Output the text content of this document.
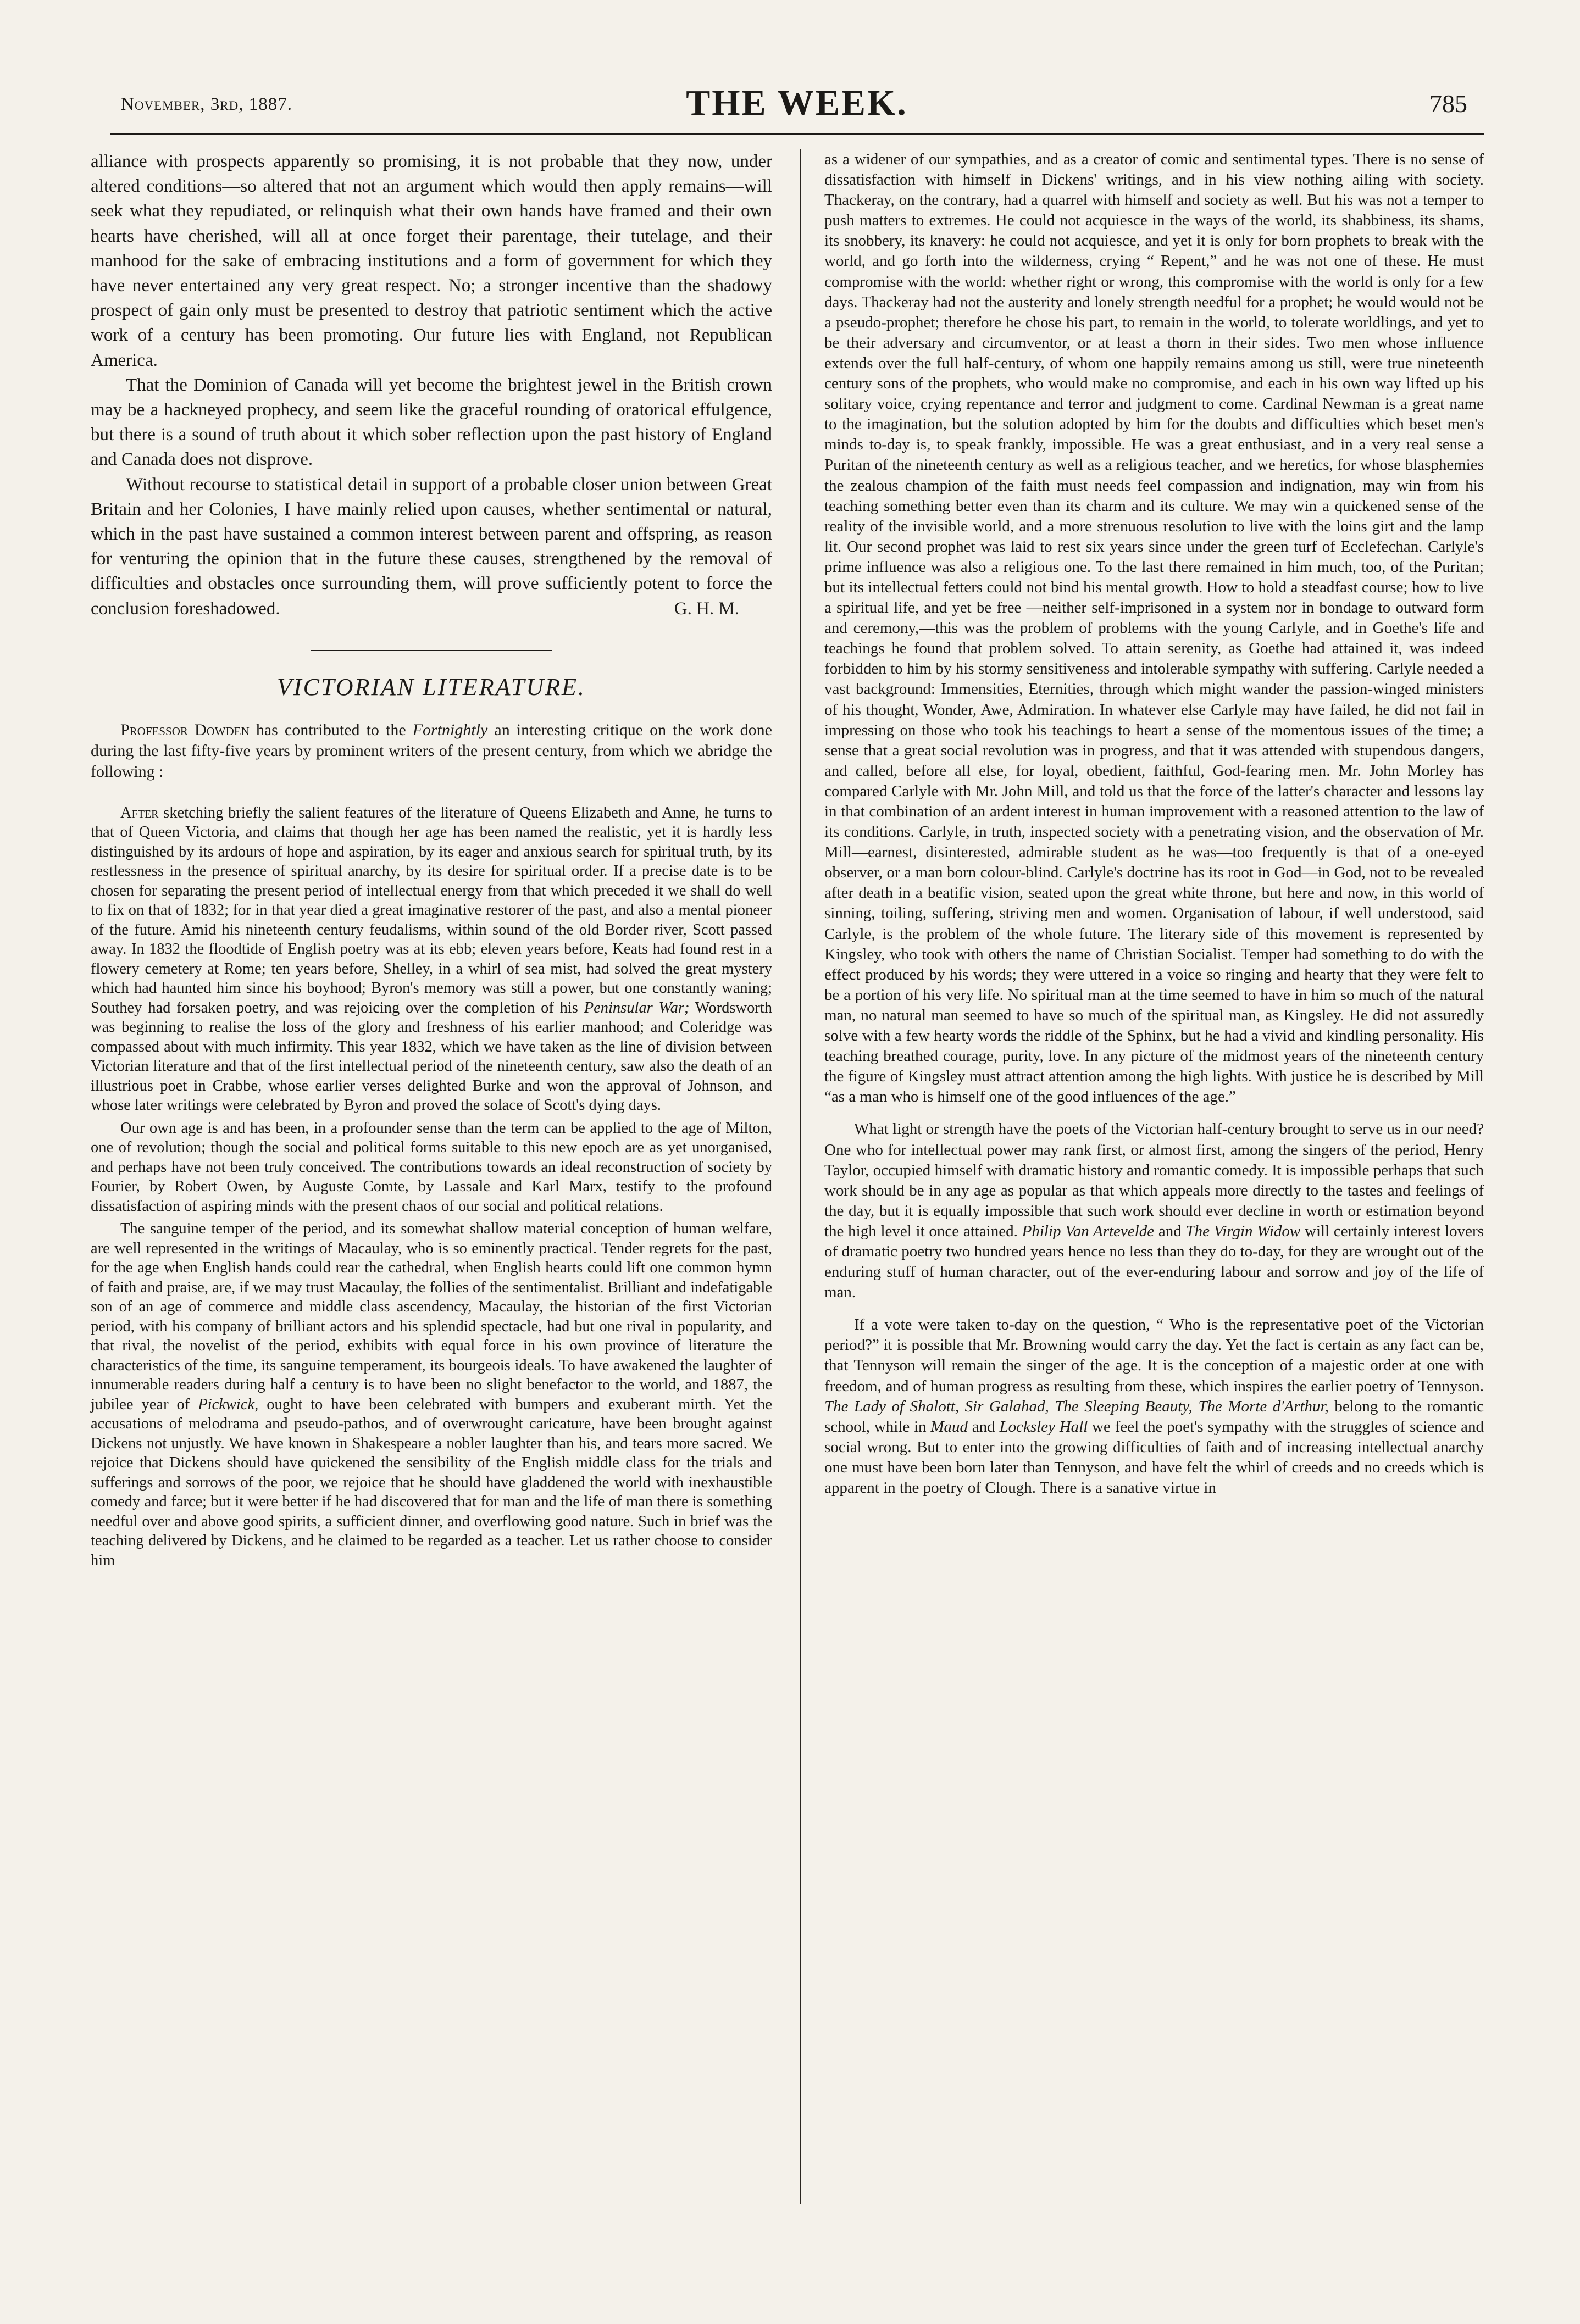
November, 3rd, 1887.	THE WEEK.	785

alliance with prospects apparently so promising, it is not probable that they now, under altered conditions—so altered that not an argument which would then apply remains—will seek what they repudiated, or relinquish what their own hands have framed and their own hearts have cherished, will all at once forget their parentage, their tutelage, and their manhood for the sake of embracing institutions and a form of government for which they have never entertained any very great respect. No; a stronger incentive than the shadowy prospect of gain only must be presented to destroy that patriotic sentiment which the active work of a century has been promoting. Our future lies with England, not Republican America.

That the Dominion of Canada will yet become the brightest jewel in the British crown may be a hackneyed prophecy, and seem like the graceful rounding of oratorical effulgence, but there is a sound of truth about it which sober reflection upon the past history of England and Canada does not disprove.

Without recourse to statistical detail in support of a probable closer union between Great Britain and her Colonies, I have mainly relied upon causes, whether sentimental or natural, which in the past have sustained a common interest between parent and offspring, as reason for venturing the opinion that in the future these causes, strengthened by the removal of difficulties and obstacles once surrounding them, will prove sufficiently potent to force the conclusion foreshadowed.	G. H. M.

VICTORIAN LITERATURE.

Professor Dowden has contributed to the Fortnightly an interesting critique on the work done during the last fifty-five years by prominent writers of the present century, from which we abridge the following :

After sketching briefly the salient features of the literature of Queens Elizabeth and Anne, he turns to that of Queen Victoria, and claims that though her age has been named the realistic, yet it is hardly less distinguished by its ardours of hope and aspiration, by its eager and anxious search for spiritual truth, by its restlessness in the presence of spiritual anarchy, by its desire for spiritual order. If a precise date is to be chosen for separating the present period of intellectual energy from that which preceded it we shall do well to fix on that of 1832; for in that year died a great imaginative restorer of the past, and also a mental pioneer of the future. Amid his nineteenth century feudalisms, within sound of the old Border river, Scott passed away. In 1832 the floodtide of English poetry was at its ebb; eleven years before, Keats had found rest in a flowery cemetery at Rome; ten years before, Shelley, in a whirl of sea mist, had solved the great mystery which had haunted him since his boyhood; Byron's memory was still a power, but one constantly waning; Southey had forsaken poetry, and was rejoicing over the completion of his Peninsular War; Wordsworth was beginning to realise the loss of the glory and freshness of his earlier manhood; and Coleridge was compassed about with much infirmity. This year 1832, which we have taken as the line of division between Victorian literature and that of the first intellectual period of the nineteenth century, saw also the death of an illustrious poet in Crabbe, whose earlier verses delighted Burke and won the approval of Johnson, and whose later writings were celebrated by Byron and proved the solace of Scott's dying days.

Our own age is and has been, in a profounder sense than the term can be applied to the age of Milton, one of revolution; though the social and political forms suitable to this new epoch are as yet unorganised, and perhaps have not been truly conceived. The contributions towards an ideal reconstruction of society by Fourier, by Robert Owen, by Auguste Comte, by Lassale and Karl Marx, testify to the profound dissatisfaction of aspiring minds with the present chaos of our social and political relations.

The sanguine temper of the period, and its somewhat shallow material conception of human welfare, are well represented in the writings of Macaulay, who is so eminently practical. Tender regrets for the past, for the age when English hands could rear the cathedral, when English hearts could lift one common hymn of faith and praise, are, if we may trust Macaulay, the follies of the sentimentalist. Brilliant and indefatigable son of an age of commerce and middle class ascendency, Macaulay, the historian of the first Victorian period, with his company of brilliant actors and his splendid spectacle, had but one rival in popularity, and that rival, the novelist of the period, exhibits with equal force in his own province of literature the characteristics of the time, its sanguine temperament, its bourgeois ideals. To have awakened the laughter of innumerable readers during half a century is to have been no slight benefactor to the world, and 1887, the jubilee year of Pickwick, ought to have been celebrated with bumpers and exuberant mirth. Yet the accusations of melodrama and pseudo-pathos, and of overwrought caricature, have been brought against Dickens not unjustly. We have known in Shakespeare a nobler laughter than his, and tears more sacred. We rejoice that Dickens should have quickened the sensibility of the English middle class for the trials and sufferings and sorrows of the poor, we rejoice that he should have gladdened the world with inexhaustible comedy and farce; but it were better if he had discovered that for man and the life of man there is something needful over and above good spirits, a sufficient dinner, and overflowing good nature. Such in brief was the teaching delivered by Dickens, and he claimed to be regarded as a teacher. Let us rather choose to consider him

as a widener of our sympathies, and as a creator of comic and sentimental types. There is no sense of dissatisfaction with himself in Dickens' writings, and in his view nothing ailing with society. Thackeray, on the contrary, had a quarrel with himself and society as well. But his was not a temper to push matters to extremes. He could not acquiesce in the ways of the world, its shabbiness, its shams, its snobbery, its knavery: he could not acquiesce, and yet it is only for born prophets to break with the world, and go forth into the wilderness, crying “ Repent,” and he was not one of these. He must compromise with the world: whether right or wrong, this compromise with the world is only for a few days. Thackeray had not the austerity and lonely strength needful for a prophet; he would would not be a pseudo-prophet; therefore he chose his part, to remain in the world, to tolerate worldlings, and yet to be their adversary and circumventor, or at least a thorn in their sides. Two men whose influence extends over the full half-century, of whom one happily remains among us still, were true nineteenth century sons of the prophets, who would make no compromise, and each in his own way lifted up his solitary voice, crying repentance and terror and judgment to come. Cardinal Newman is a great name to the imagination, but the solution adopted by him for the doubts and difficulties which beset men's minds to-day is, to speak frankly, impossible. He was a great enthusiast, and in a very real sense a Puritan of the nineteenth century as well as a religious teacher, and we heretics, for whose blasphemies the zealous champion of the faith must needs feel compassion and indignation, may win from his teaching something better even than its charm and its culture. We may win a quickened sense of the reality of the invisible world, and a more strenuous resolution to live with the loins girt and the lamp lit. Our second prophet was laid to rest six years since under the green turf of Ecclefechan. Carlyle's prime influence was also a religious one. To the last there remained in him much, too, of the Puritan; but its intellectual fetters could not bind his mental growth. How to hold a steadfast course; how to live a spiritual life, and yet be free —neither self-imprisoned in a system nor in bondage to outward form and ceremony,—this was the problem of problems with the young Carlyle, and in Goethe's life and teachings he found that problem solved. To attain serenity, as Goethe had attained it, was indeed forbidden to him by his stormy sensitiveness and intolerable sympathy with suffering. Carlyle needed a vast background: Immensities, Eternities, through which might wander the passion-winged ministers of his thought, Wonder, Awe, Admiration. In whatever else Carlyle may have failed, he did not fail in impressing on those who took his teachings to heart a sense of the momentous issues of the time; a sense that a great social revolution was in progress, and that it was attended with stupendous dangers, and called, before all else, for loyal, obedient, faithful, God-fearing men. Mr. John Morley has compared Carlyle with Mr. John Mill, and told us that the force of the latter's character and lessons lay in that combination of an ardent interest in human improvement with a reasoned attention to the law of its conditions. Carlyle, in truth, inspected society with a penetrating vision, and the observation of Mr. Mill—earnest, disinterested, admirable student as he was—too frequently is that of a one-eyed observer, or a man born colour-blind. Carlyle's doctrine has its root in God—in God, not to be revealed after death in a beatific vision, seated upon the great white throne, but here and now, in this world of sinning, toiling, suffering, striving men and women. Organisation of labour, if well understood, said Carlyle, is the problem of the whole future. The literary side of this movement is represented by Kingsley, who took with others the name of Christian Socialist. Temper had something to do with the effect produced by his words; they were uttered in a voice so ringing and hearty that they were felt to be a portion of his very life. No spiritual man at the time seemed to have in him so much of the natural man, no natural man seemed to have so much of the spiritual man, as Kingsley. He did not assuredly solve with a few hearty words the riddle of the Sphinx, but he had a vivid and kindling personality. His teaching breathed courage, purity, love. In any picture of the midmost years of the nineteenth century the figure of Kingsley must attract attention among the high lights. With justice he is described by Mill “as a man who is himself one of the good influences of the age.”

What light or strength have the poets of the Victorian half-century brought to serve us in our need? One who for intellectual power may rank first, or almost first, among the singers of the period, Henry Taylor, occupied himself with dramatic history and romantic comedy. It is impossible perhaps that such work should be in any age as popular as that which appeals more directly to the tastes and feelings of the day, but it is equally impossible that such work should ever decline in worth or estimation beyond the high level it once attained. Philip Van Artevelde and The Virgin Widow will certainly interest lovers of dramatic poetry two hundred years hence no less than they do to-day, for they are wrought out of the enduring stuff of human character, out of the ever-enduring labour and sorrow and joy of the life of man.

If a vote were taken to-day on the question, “ Who is the representative poet of the Victorian period?” it is possible that Mr. Browning would carry the day. Yet the fact is certain as any fact can be, that Tennyson will remain the singer of the age. It is the conception of a majestic order at one with freedom, and of human progress as resulting from these, which inspires the earlier poetry of Tennyson. The Lady of Shalott, Sir Galahad, The Sleeping Beauty, The Morte d'Arthur, belong to the romantic school, while in Maud and Locksley Hall we feel the poet's sympathy with the struggles of science and social wrong. But to enter into the growing difficulties of faith and of increasing intellectual anarchy one must have been born later than Tennyson, and have felt the whirl of creeds and no creeds which is apparent in the poetry of Clough. There is a sanative virtue in
